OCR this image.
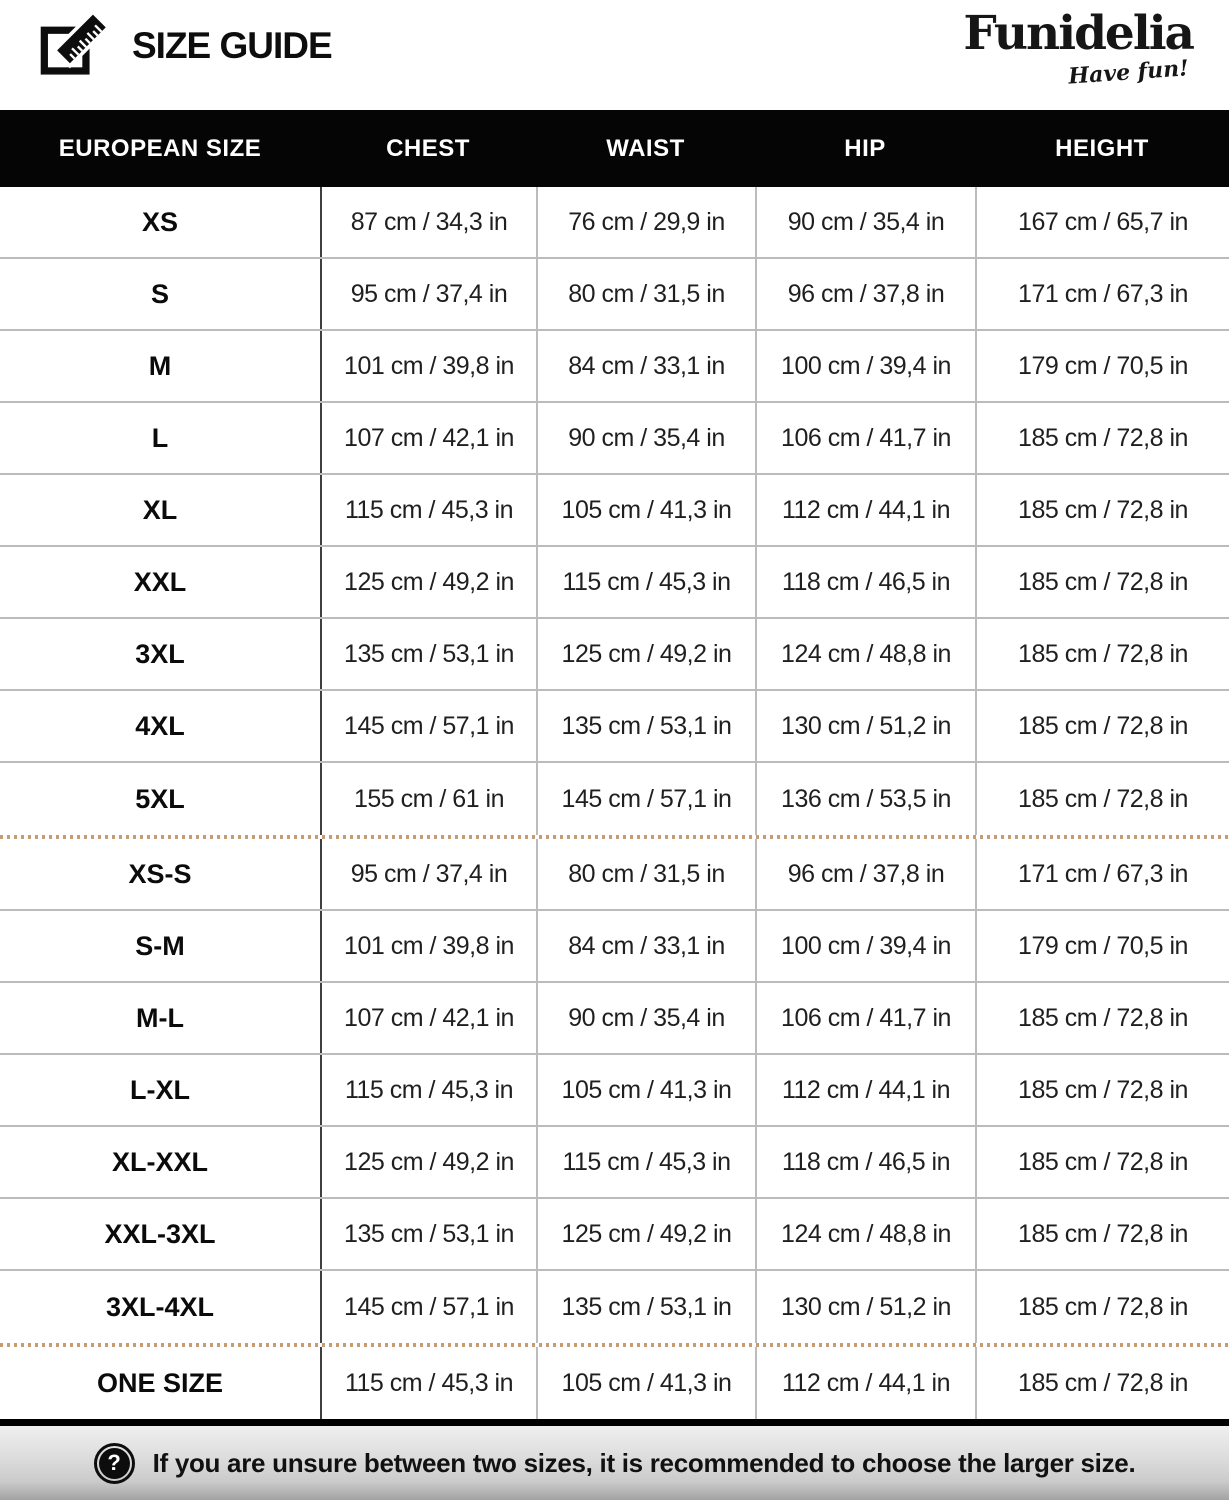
SIZE GUIDE	Funidelia
Have fun!
EUROPEAN SIZE	CHEST	WAIST	HIP	HEIGHT
XS	87 cm / 34,3 in	76 cm / 29,9 in	90 cm / 35,4 in	167 cm / 65,7 in
S	95 cm / 37,4 in	80 cm / 31,5 in	96 cm / 37,8 in	171 cm / 67,3 in
M	101 cm / 39,8 in	84 cm / 33,1 in	100 cm / 39,4 in	179 cm / 70,5 in
L	107 cm / 42,1 in	90 cm / 35,4 in	106 cm / 41,7 in	185 cm / 72,8 in
XL	115 cm / 45,3 in	105 cm / 41,3 in	112 cm / 44,1 in	185 cm / 72,8 in
XXL	125 cm / 49,2 in	115 cm / 45,3 in	118 cm / 46,5 in	185 cm / 72,8 in
3XL	135 cm / 53,1 in	125 cm / 49,2 in	124 cm / 48,8 in	185 cm / 72,8 in
4XL	145 cm / 57,1 in	135 cm / 53,1 in	130 cm / 51,2 in	185 cm / 72,8 in
5XL	155 cm / 61 in	145 cm / 57,1 in	136 cm / 53,5 in	185 cm / 72,8 in
XS-S	95 cm / 37,4 in	80 cm / 31,5 in	96 cm / 37,8 in	171 cm / 67,3 in
S-M	101 cm / 39,8 in	84 cm / 33,1 in	100 cm / 39,4 in	179 cm / 70,5 in
M-L	107 cm / 42,1 in	90 cm / 35,4 in	106 cm / 41,7 in	185 cm / 72,8 in
L-XL	115 cm / 45,3 in	105 cm / 41,3 in	112 cm / 44,1 in	185 cm / 72,8 in
XL-XXL	125 cm / 49,2 in	115 cm / 45,3 in	118 cm / 46,5 in	185 cm / 72,8 in
XXL-3XL	135 cm / 53,1 in	125 cm / 49,2 in	124 cm / 48,8 in	185 cm / 72,8 in
3XL-4XL	145 cm / 57,1 in	135 cm / 53,1 in	130 cm / 51,2 in	185 cm / 72,8 in
ONE SIZE	115 cm / 45,3 in	105 cm / 41,3 in	112 cm / 44,1 in	185 cm / 72,8 in
?	If you are unsure between two sizes, it is recommended to choose the larger size.
